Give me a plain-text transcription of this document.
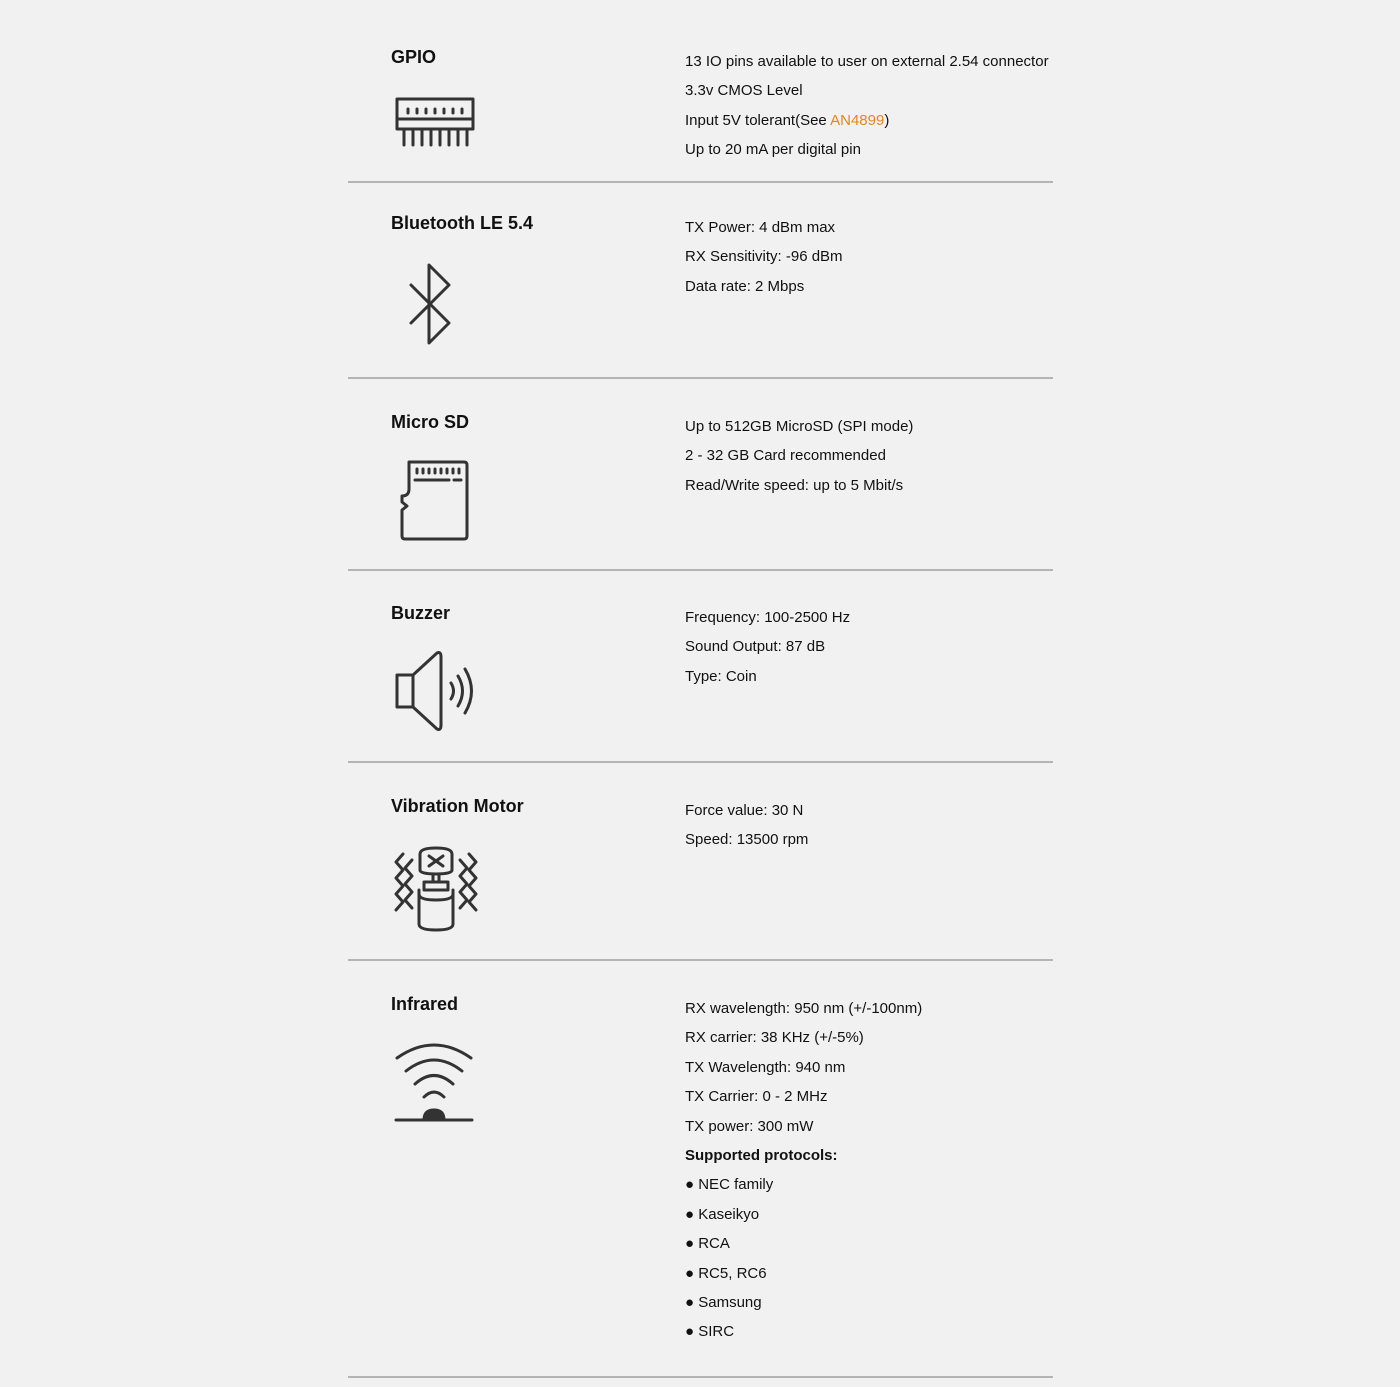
GPIO	13 IO pins available to user on external 2.54 connector
3.3v CMOS Level
Input 5V tolerant(See AN4899)
Up to 20 mA per digital pin
Bluetooth LE 5.4	TX Power: 4 dBm max
RX Sensitivity: -96 dBm
Data rate: 2 Mbps
Micro SD	Up to 512GB MicroSD (SPI mode)
2 - 32 GB Card recommended
Read/Write speed: up to 5 Mbit/s
Buzzer	Frequency: 100-2500 Hz
Sound Output: 87 dB
Type: Coin
Vibration Motor	Force value: 30 N
Speed: 13500 rpm
Infrared	RX wavelength: 950 nm (+/-100nm)
RX carrier: 38 KHz (+/-5%)
TX Wavelength: 940 nm
TX Carrier: 0 - 2 MHz
TX power: 300 mW
Supported protocols:
● NEC family
● Kaseikyo
● RCA
● RC5, RC6
● Samsung
● SIRC
